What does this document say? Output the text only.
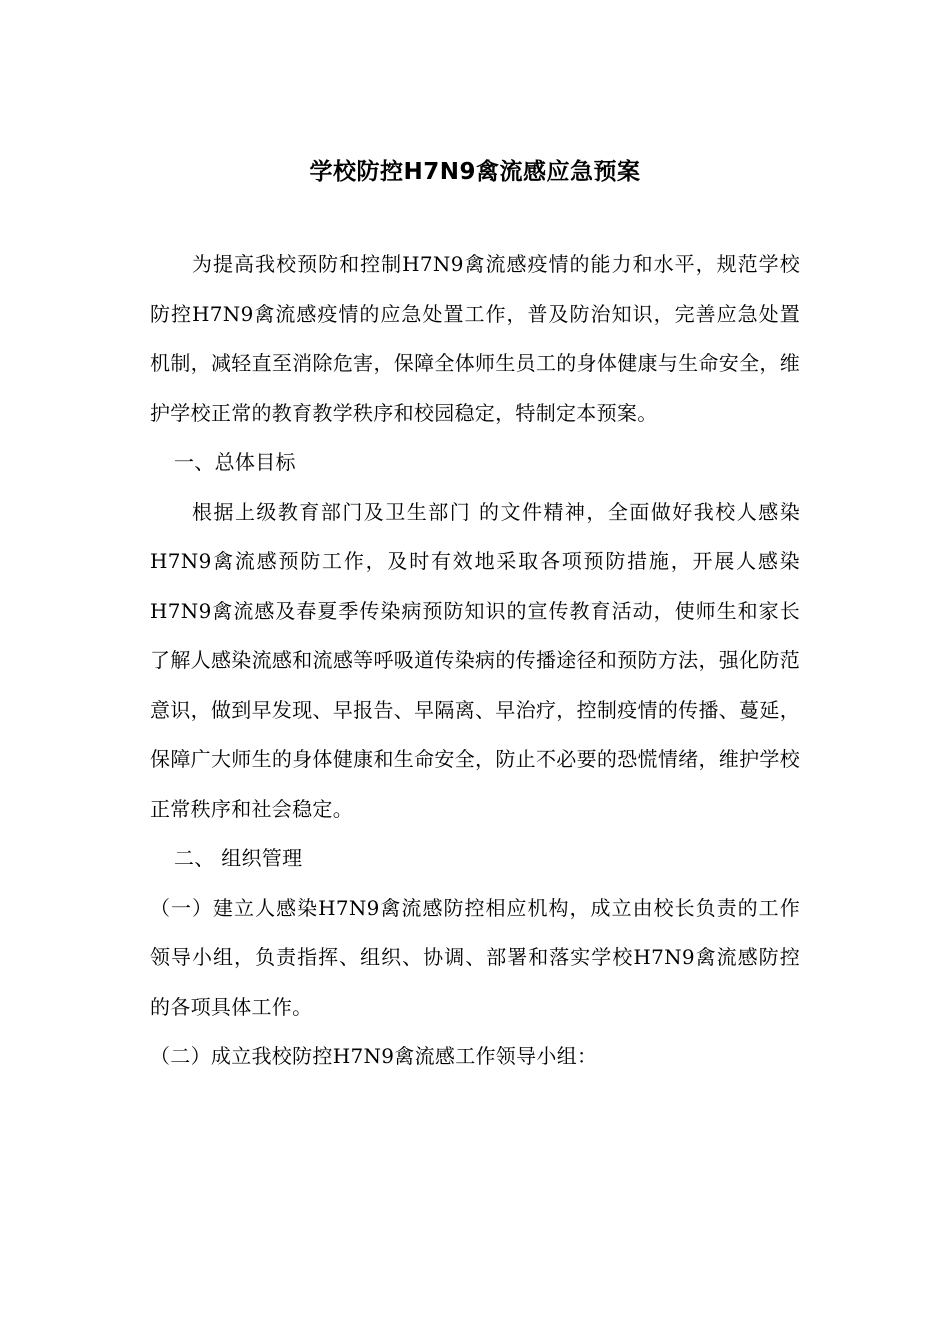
学校防控H7N9禽流感应急预案

为提高我校预防和控制H7N9禽流感疫情的能力和水平，规范学校防控H7N9禽流感疫情的应急处置工作，普及防治知识，完善应急处置机制，减轻直至消除危害，保障全体师生员工的身体健康与生命安全，维护学校正常的教育教学秩序和校园稳定，特制定本预案。

一、总体目标

根据上级教育部门及卫生部门 的文件精神，全面做好我校人感染H7N9禽流感预防工作，及时有效地采取各项预防措施，开展人感染H7N9禽流感及春夏季传染病预防知识的宣传教育活动，使师生和家长了解人感染流感和流感等呼吸道传染病的传播途径和预防方法，强化防范意识，做到早发现、早报告、早隔离、早治疗，控制疫情的传播、蔓延，保障广大师生的身体健康和生命安全，防止不必要的恐慌情绪，维护学校正常秩序和社会稳定。

二、 组织管理

（一）建立人感染H7N9禽流感防控相应机构，成立由校长负责的工作领导小组，负责指挥、组织、协调、部署和落实学校H7N9禽流感防控的各项具体工作。

（二）成立我校防控H7N9禽流感工作领导小组：
